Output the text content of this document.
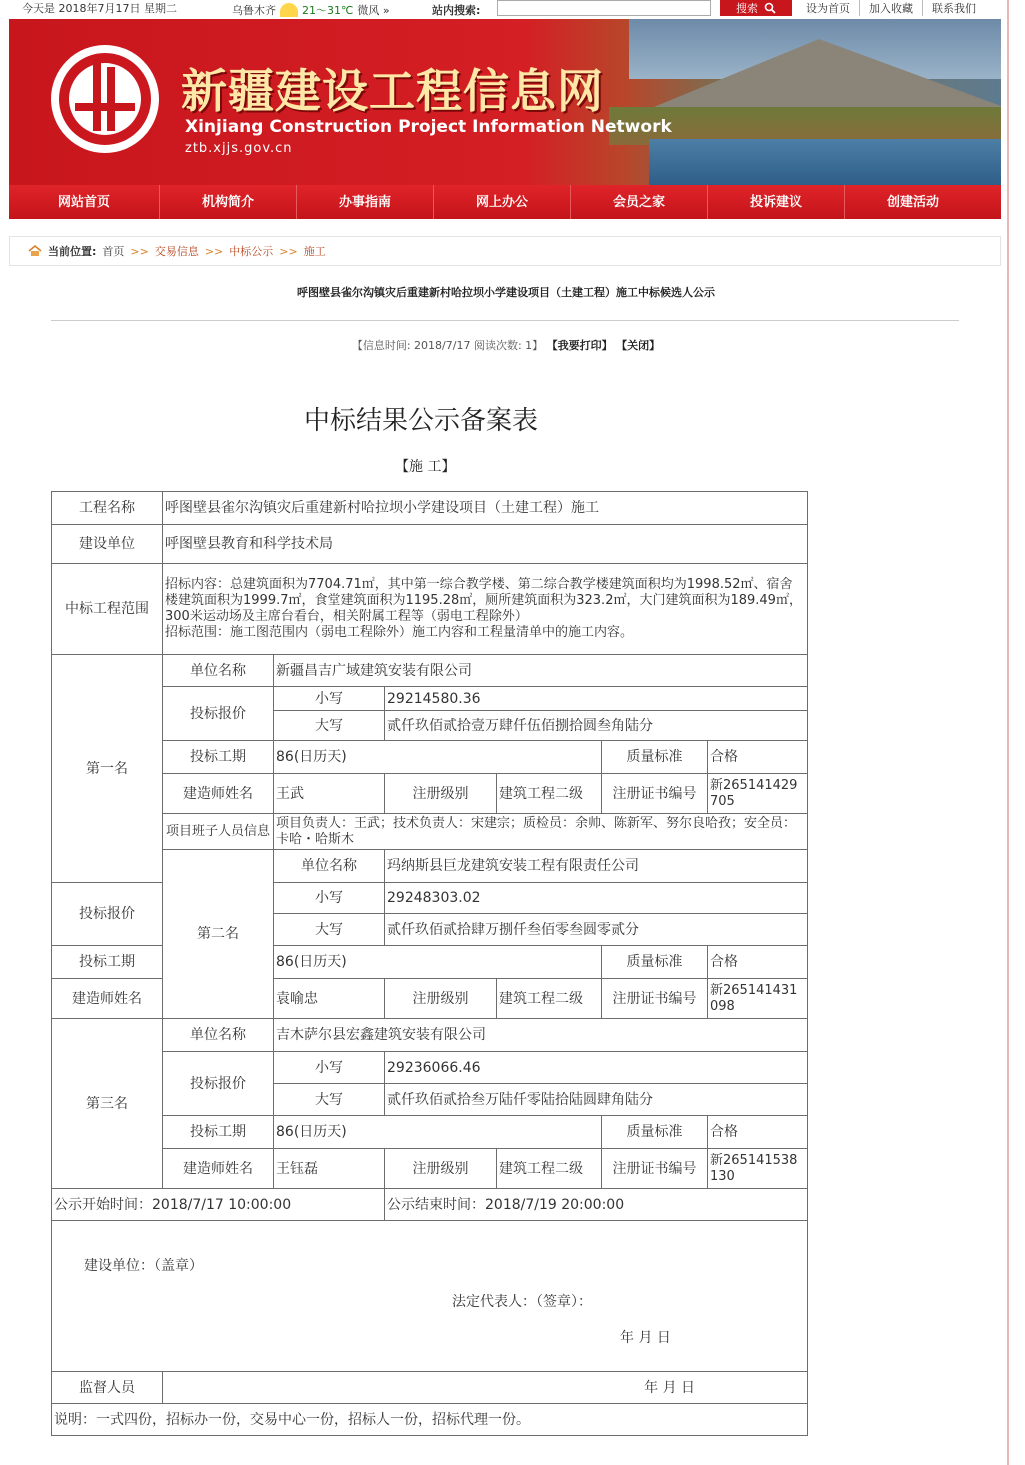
今天是 2018年7月17日 星期二	乌鲁木齐 21～31℃ 微风 »	站内搜索:	搜索	设为首页	加入收藏	联系我们
新疆建设工程信息网
Xinjiang Construction Project Information Network
ztb.xjjs.gov.cn
网站首页	机构简介	办事指南	网上办公	会员之家	投诉建议	创建活动
当前位置: 首页 >> 交易信息 >> 中标公示 >> 施工
呼图壁县雀尔沟镇灾后重建新村哈拉坝小学建设项目（土建工程）施工中标候选人公示
【信息时间: 2018/7/17 阅读次数: 1】 【我要打印】 【关闭】
中标结果公示备案表
【施 工】
工程名称	呼图壁县雀尔沟镇灾后重建新村哈拉坝小学建设项目（土建工程）施工					
建设单位	呼图壁县教育和科学技术局					
中标工程范围	招标内容：总建筑面积为7704.71㎡，其中第一综合教学楼、第二综合教学楼建筑面积均为1998.52㎡、宿舍楼建筑面积为1999.7㎡，食堂建筑面积为1195.28㎡，厕所建筑面积为323.2㎡，大门建筑面积为189.49㎡，300米运动场及主席台看台，相关附属工程等（弱电工程除外）
招标范围：施工图范围内（弱电工程除外）施工内容和工程量清单中的施工内容。					

第一名	单位名称	新疆昌吉广域建筑安装有限公司				
	投标报价	小写	29214580.36			
		大写	贰仟玖佰贰拾壹万肆仟伍佰捌拾圆叁角陆分			
	投标工期	86(日历天)			质量标准	合格
	建造师姓名	王武	注册级别	建筑工程二级	注册证书编号	新265141429705
	项目班子人员信息	项目负责人：王武；技术负责人：宋建宗；质检员：余帅、陈新军、努尔良哈孜；安全员：卡哈・哈斯木				
	第二名	单位名称	玛纳斯县巨龙建筑安装工程有限责任公司			
投标报价		小写	29248303.02			
		大写	贰仟玖佰贰拾肆万捌仟叁佰零叁圆零贰分			
投标工期		86(日历天)			质量标准	合格
建造师姓名		袁喻忠	注册级别	建筑工程二级	注册证书编号	新265141431098
第三名	单位名称	吉木萨尔县宏鑫建筑安装有限公司				
	投标报价	小写	29236066.46			
		大写	贰仟玖佰贰拾叁万陆仟零陆拾陆圆肆角陆分			
	投标工期	86(日历天)			质量标准	合格
	建造师姓名	王钰磊	注册级别	建筑工程二级	注册证书编号	新265141538130
公示开始时间：2018/7/17 10:00:00			公示结束时间：2018/7/19 20:00:00			

建设单位：（盖章）
法定代表人：（签章）：
年 月 日						

监督人员	年 月 日					
说明：一式四份，招标办一份，交易中心一份，招标人一份，招标代理一份。						
